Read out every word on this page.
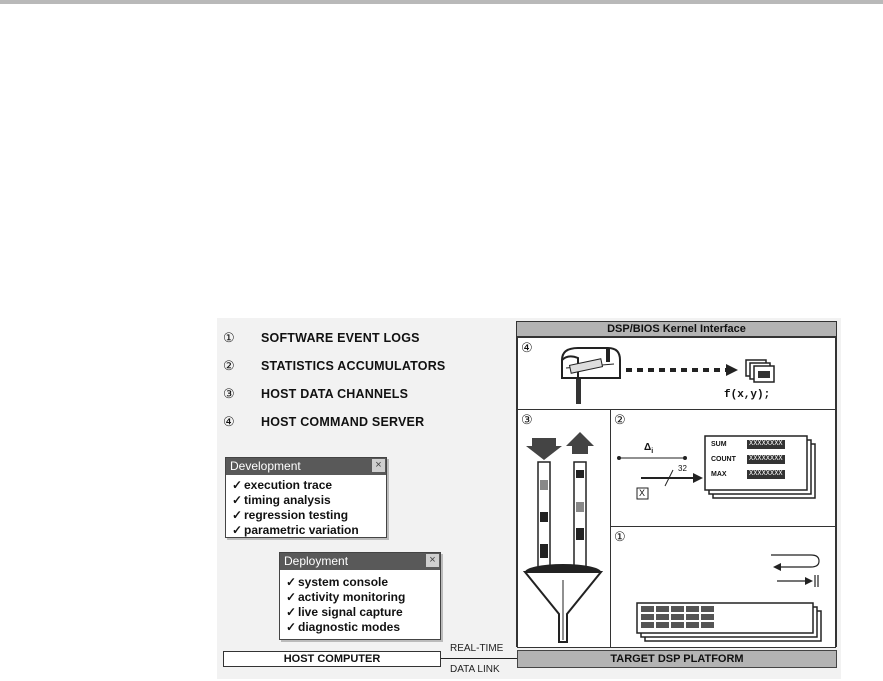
①	SOFTWARE EVENT LOGS
②	STATISTICS ACCUMULATORS
③	HOST DATA CHANNELS
④	HOST COMMAND SERVER
Development	×
✓ execution trace
✓ timing analysis
✓ regression testing
✓ parametric variation
Deployment	×
✓ system console
✓ activity monitoring
✓ live signal capture
✓ diagnostic modes
HOST COMPUTER
REAL-TIME
DATA LINK
TARGET DSP PLATFORM
DSP/BIOS Kernel Interface
④
f(x,y);
③	②
$\Delta_i$
32
X
SUM	XXXXXXXX
COUNT XXXXXXXX
MAX	XXXXXXXX
①
